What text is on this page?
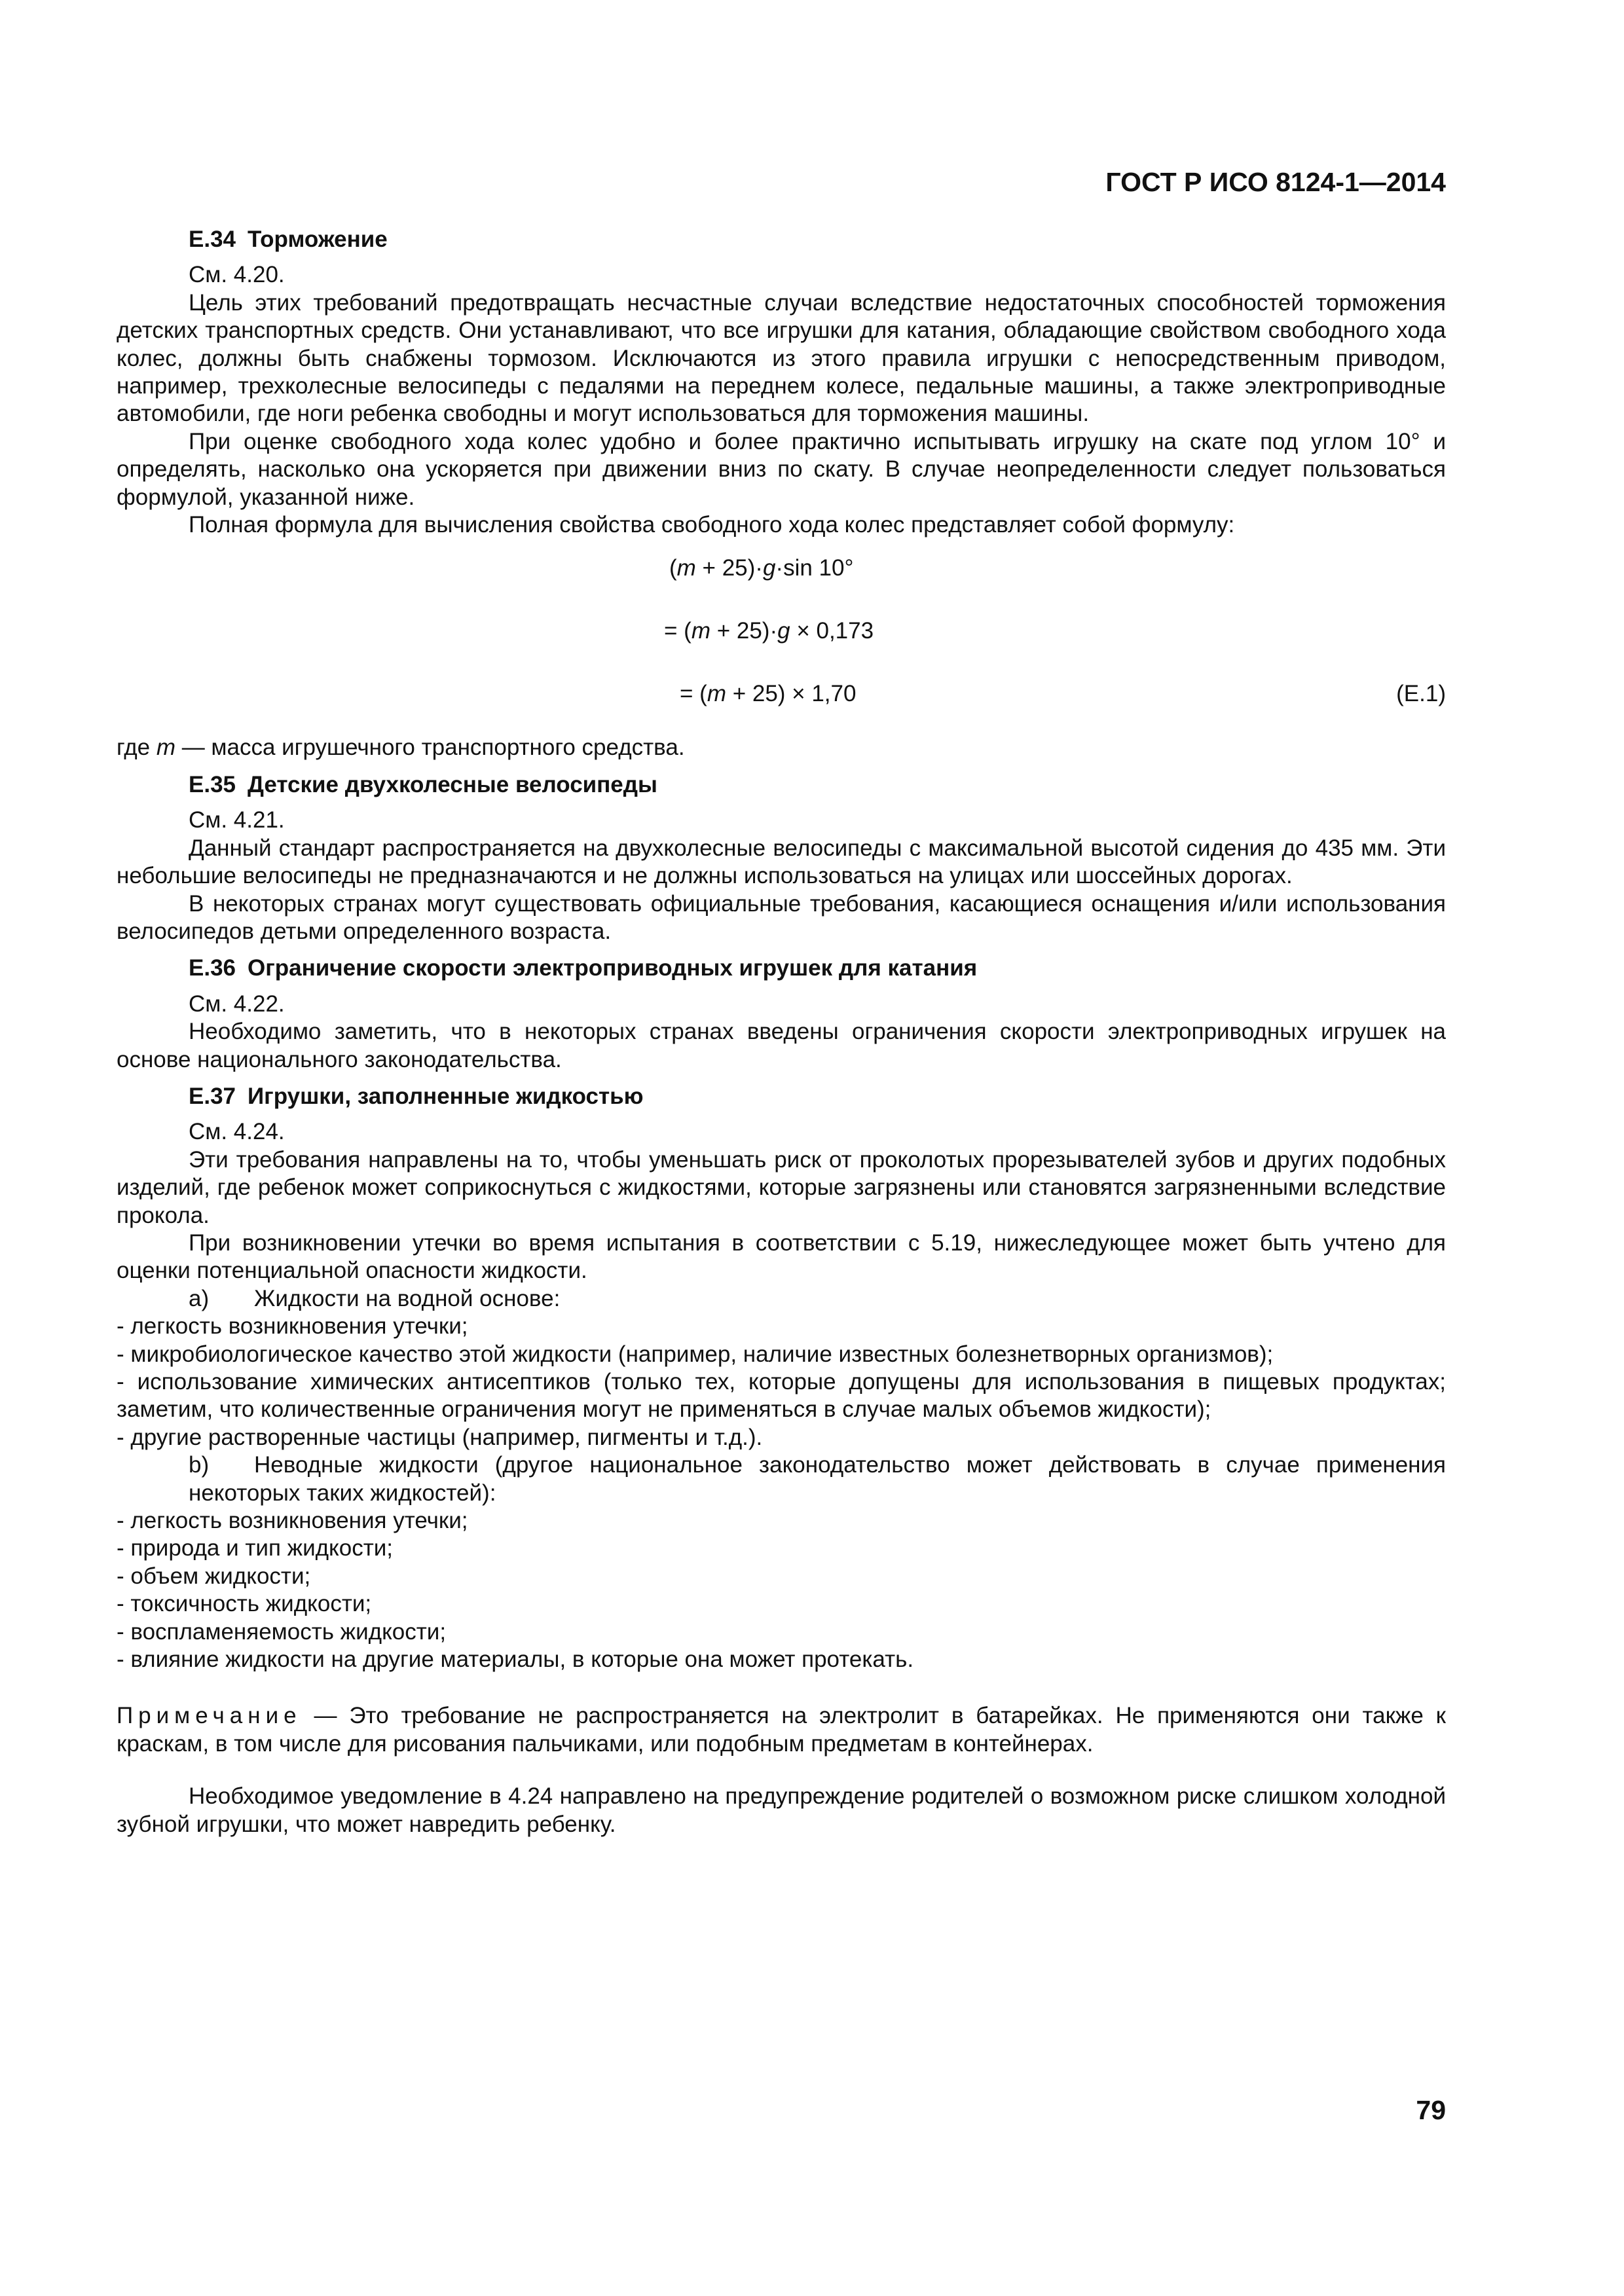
ГОСТ Р ИСО 8124-1—2014

E.34 Торможение

См. 4.20.

Цель этих требований предотвращать несчастные случаи вследствие недостаточных способностей торможения детских транспортных средств. Они устанавливают, что все игрушки для катания, обладающие свойством свободного хода колес, должны быть снабжены тормозом. Исключаются из этого правила игрушки с непосредственным приводом, например, трехколесные велосипеды с педалями на переднем колесе, педальные машины, а также электроприводные автомобили, где ноги ребенка свободны и могут использоваться для торможения машины.

При оценке свободного хода колес удобно и более практично испытывать игрушку на скате под углом 10° и определять, насколько она ускоряется при движении вниз по скату. В случае неопределенности следует пользоваться формулой, указанной ниже.

Полная формула для вычисления свойства свободного хода колес представляет собой формулу:

(m + 25)·g·sin 10°
= (m + 25)·g × 0,173
= (m + 25) × 1,70	(Е.1)

где m — масса игрушечного транспортного средства.

E.35 Детские двухколесные велосипеды

См. 4.21.

Данный стандарт распространяется на двухколесные велосипеды с максимальной высотой сидения до 435 мм. Эти небольшие велосипеды не предназначаются и не должны использоваться на улицах или шоссейных дорогах.

В некоторых странах могут существовать официальные требования, касающиеся оснащения и/или использования велосипедов детьми определенного возраста.

E.36 Ограничение скорости электроприводных игрушек для катания

См. 4.22.

Необходимо заметить, что в некоторых странах введены ограничения скорости электроприводных игрушек на основе национального законодательства.

E.37 Игрушки, заполненные жидкостью

См. 4.24.

Эти требования направлены на то, чтобы уменьшать риск от проколотых прорезывателей зубов и других подобных изделий, где ребенок может соприкоснуться с жидкостями, которые загрязнены или становятся загрязненными вследствие прокола.

При возникновении утечки во время испытания в соответствии с 5.19, нижеследующее может быть учтено для оценки потенциальной опасности жидкости.

a) Жидкости на водной основе:

- легкость возникновения утечки;

- микробиологическое качество этой жидкости (например, наличие известных болезнетворных организмов);

- использование химических антисептиков (только тех, которые допущены для использования в пищевых продуктах; заметим, что количественные ограничения могут не применяться в случае малых объемов жидкости);

- другие растворенные частицы (например, пигменты и т.д.).

b) Неводные жидкости (другое национальное законодательство может действовать в случае применения некоторых таких жидкостей):

- легкость возникновения утечки;

- природа и тип жидкости;

- объем жидкости;

- токсичность жидкости;

- воспламеняемость жидкости;

- влияние жидкости на другие материалы, в которые она может протекать.

Примечание — Это требование не распространяется на электролит в батарейках. Не применяются они также к краскам, в том числе для рисования пальчиками, или подобным предметам в контейнерах.

Необходимое уведомление в 4.24 направлено на предупреждение родителей о возможном риске слишком холодной зубной игрушки, что может навредить ребенку.

79
